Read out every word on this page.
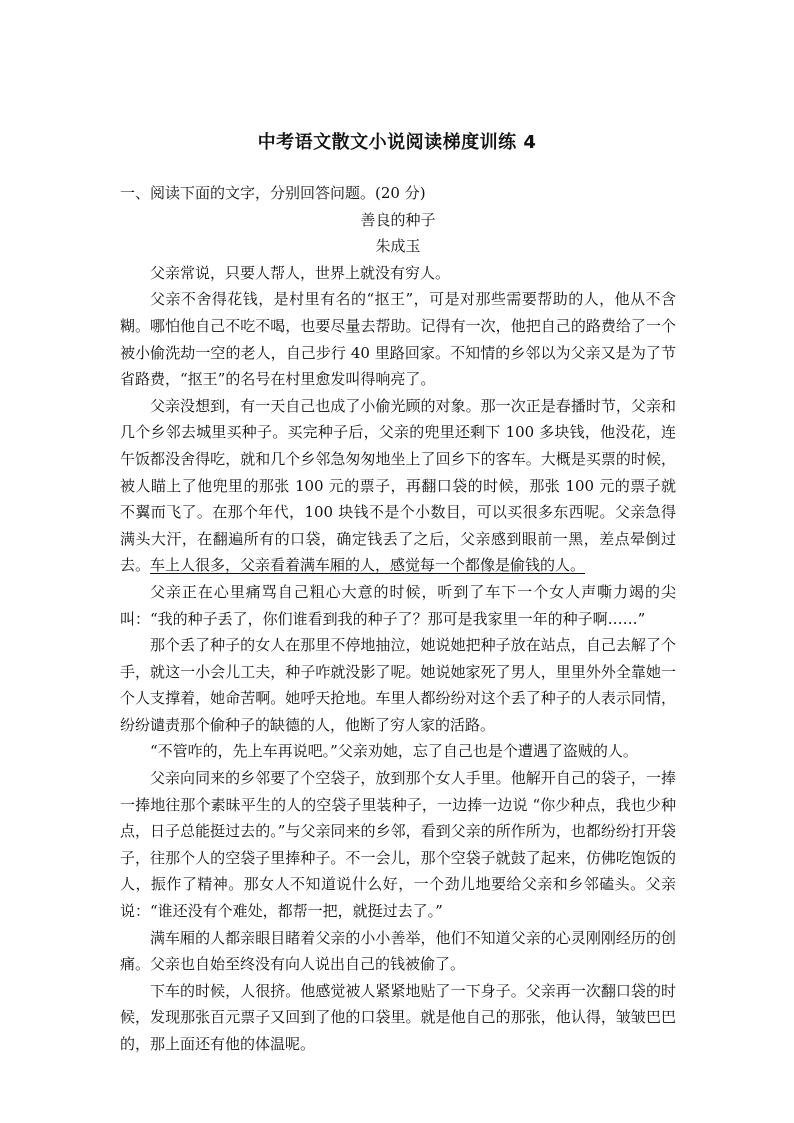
中考语文散文小说阅读梯度训练 4

一、阅读下面的文字，分别回答问题。(20 分)

善良的种子

朱成玉

父亲常说，只要人帮人，世界上就没有穷人。

父亲不舍得花钱，是村里有名的“抠王”，可是对那些需要帮助的人，他从不含糊。哪怕他自己不吃不喝，也要尽量去帮助。记得有一次，他把自己的路费给了一个被小偷洗劫一空的老人，自己步行 40 里路回家。不知情的乡邻以为父亲又是为了节省路费，“抠王”的名号在村里愈发叫得响亮了。

父亲没想到，有一天自己也成了小偷光顾的对象。那一次正是春播时节，父亲和几个乡邻去城里买种子。买完种子后，父亲的兜里还剩下 100 多块钱，他没花，连午饭都没舍得吃，就和几个乡邻急匆匆地坐上了回乡下的客车。大概是买票的时候，被人瞄上了他兜里的那张 100 元的票子，再翻口袋的时候，那张 100 元的票子就不翼而飞了。在那个年代，100 块钱不是个小数目，可以买很多东西呢。父亲急得满头大汗，在翻遍所有的口袋，确定钱丢了之后，父亲感到眼前一黑，差点晕倒过去。车上人很多，父亲看着满车厢的人，感觉每一个都像是偷钱的人。

父亲正在心里痛骂自己粗心大意的时候，听到了车下一个女人声嘶力竭的尖叫：“我的种子丢了，你们谁看到我的种子了？那可是我家里一年的种子啊……”

那个丢了种子的女人在那里不停地抽泣，她说她把种子放在站点，自己去解了个手，就这一小会儿工夫，种子咋就没影了呢。她说她家死了男人，里里外外全靠她一个人支撑着，她命苦啊。她呼天抢地。车里人都纷纷对这个丢了种子的人表示同情，纷纷谴责那个偷种子的缺德的人，他断了穷人家的活路。

“不管咋的，先上车再说吧。”父亲劝她，忘了自己也是个遭遇了盗贼的人。

父亲向同来的乡邻要了个空袋子，放到那个女人手里。他解开自己的袋子，一捧一捧地往那个素昧平生的人的空袋子里装种子，一边捧一边说 “你少种点，我也少种点，日子总能挺过去的。”与父亲同来的乡邻，看到父亲的所作所为，也都纷纷打开袋子，往那个人的空袋子里捧种子。不一会儿，那个空袋子就鼓了起来，仿佛吃饱饭的人，振作了精神。那女人不知道说什么好，一个劲儿地要给父亲和乡邻磕头。父亲说：“谁还没有个难处，都帮一把，就挺过去了。”

满车厢的人都亲眼目睹着父亲的小小善举，他们不知道父亲的心灵刚刚经历的创痛。父亲也自始至终没有向人说出自己的钱被偷了。

下车的时候，人很挤。他感觉被人紧紧地贴了一下身子。父亲再一次翻口袋的时候，发现那张百元票子又回到了他的口袋里。就是他自己的那张，他认得，皱皱巴巴的，那上面还有他的体温呢。
